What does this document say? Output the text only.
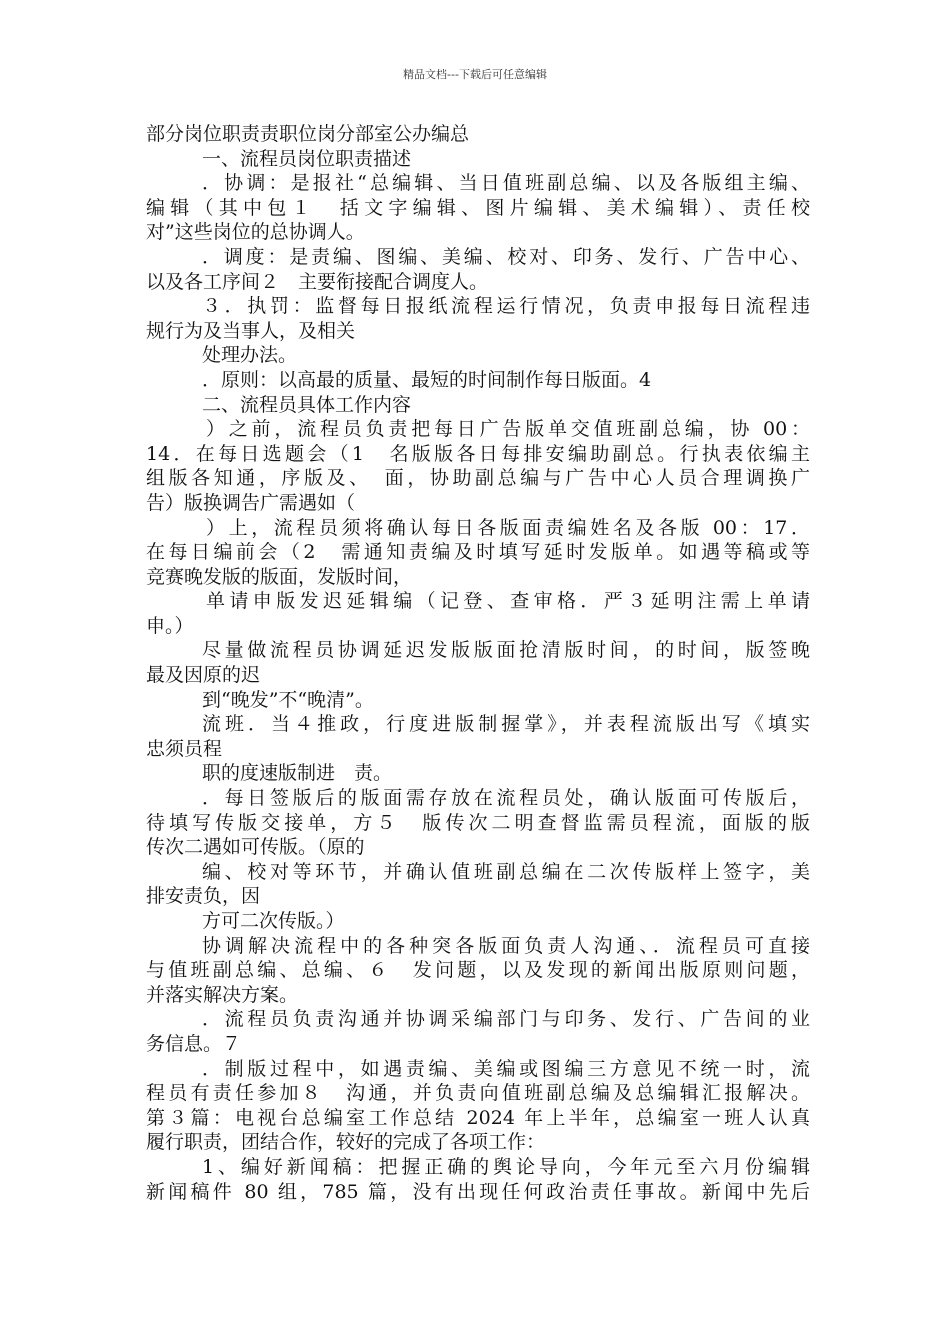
精品文档---下载后可任意编辑
部分岗位职责责职位岗分部室公办编总
一、流程员岗位职责描述
．协调：是报社“总编辑、当日值班副总编、以及各版组主编、
编辑（其中包１　括文字编辑、图片编辑、美术编辑）、责任校
对”这些岗位的总协调人。
．调度：是责编、图编、美编、校对、印务、发行、广告中心、
以及各工序间２　主要衔接配合调度人。
３．执罚：监督每日报纸流程运行情况，负责申报每日流程违
规行为及当事人，及相关
处理办法。
．原则：以高最的质量、最短的时间制作每日版面。4
二、流程员具体工作内容
）之前，流程员负责把每日广告版单交值班副总编，协 00：
14．在每日选题会（1　名版版各日每排安编助副总。行执表依编主
组版各知通，序版及、　面，协助副总编与广告中心人员合理调换广
告）版换调告广需遇如（
）上，流程员须将确认每日各版面责编姓名及各版 00：17．
在每日编前会（2　需通知责编及时填写延时发版单。如遇等稿或等
竞赛晚发版的版面，发版时间，
单请申版发迟延辑编（记登、查审格．严３延明注需上单请
申。）
尽量做流程员协调延迟发版版面抢清版时间，的时间，版签晚
最及因原的迟
到“晚发”不“晚清”。
流班．当４推政，行度进版制握掌》，并表程流版出写《填实
忠须员程
职的度速版制进　责。
．每日签版后的版面需存放在流程员处，确认版面可传版后，
待填写传版交接单，方５　版传次二明查督监需员程流，面版的版
传次二遇如可传版。（原的
编、校对等环节，并确认值班副总编在二次传版样上签字，美
排安责负，因
方可二次传版。）
协调解决流程中的各种突各版面负责人沟通、．流程员可直接
与值班副总编、总编、６　发问题，以及发现的新闻出版原则问题，
并落实解决方案。
．流程员负责沟通并协调采编部门与印务、发行、广告间的业
务信息。７
．制版过程中，如遇责编、美编或图编三方意见不统一时，流
程员有责任参加８　沟通，并负责向值班副总编及总编辑汇报解决。
第３篇：电视台总编室工作总结 2024 年上半年，总编室一班人认真
履行职责，团结合作，较好的完成了各项工作：
1、编好新闻稿：把握正确的舆论导向，今年元至六月份编辑
新闻稿件 80 组，785 篇，没有出现任何政治责任事故。新闻中先后
